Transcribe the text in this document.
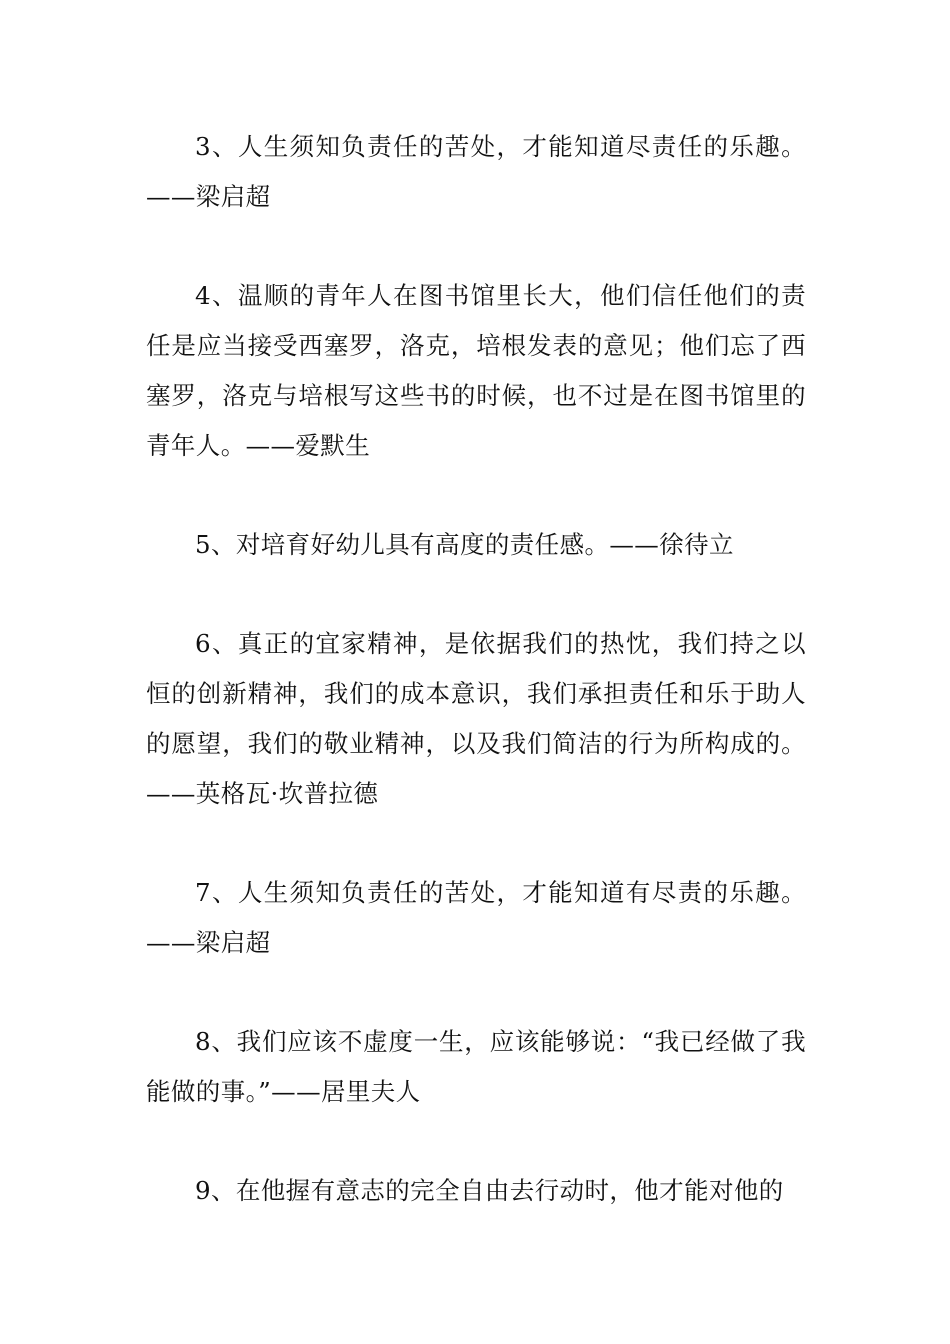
3、人生须知负责任的苦处，才能知道尽责任的乐趣。——梁启超

4、温顺的青年人在图书馆里长大，他们信任他们的责任是应当接受西塞罗，洛克，培根发表的意见；他们忘了西塞罗，洛克与培根写这些书的时候，也不过是在图书馆里的青年人。——爱默生

5、对培育好幼儿具有高度的责任感。——徐待立

6、真正的宜家精神，是依据我们的热忱，我们持之以恒的创新精神，我们的成本意识，我们承担责任和乐于助人的愿望，我们的敬业精神，以及我们简洁的行为所构成的。——英格瓦·坎普拉德

7、人生须知负责任的苦处，才能知道有尽责的乐趣。——梁启超

8、我们应该不虚度一生，应该能够说：“我已经做了我能做的事。”——居里夫人

9、在他握有意志的完全自由去行动时，他才能对他的
